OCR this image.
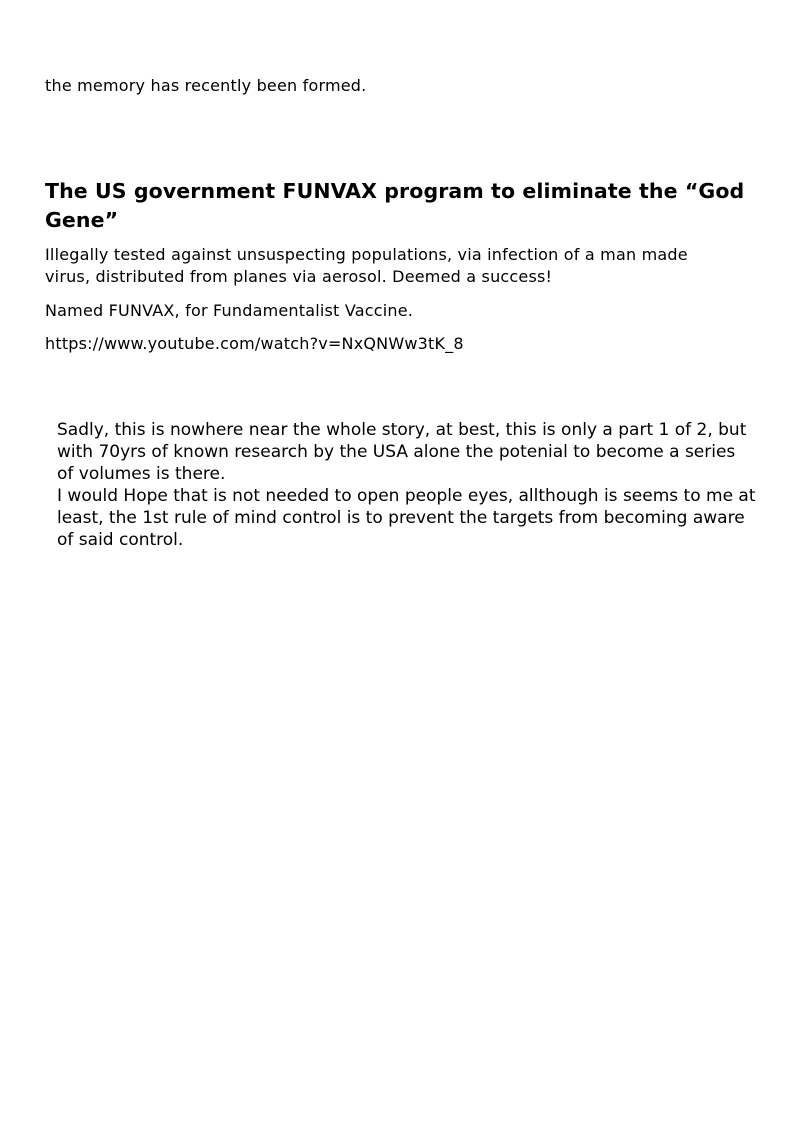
the memory has recently been formed.

The US government FUNVAX program to eliminate the “God Gene”

Illegally tested against unsuspecting populations, via infection of a man made virus, distributed from planes via aerosol. Deemed a success!

Named FUNVAX, for Fundamentalist Vaccine.

https://www.youtube.com/watch?v=NxQNWw3tK_8

Sadly, this is nowhere near the whole story, at best, this is only a part 1 of 2, but with 70yrs of known research by the USA alone the potenial to become a series of volumes is there.
I would Hope that is not needed to open people eyes, allthough is seems to me at least, the 1st rule of mind control is to prevent the targets from becoming aware of said control.
